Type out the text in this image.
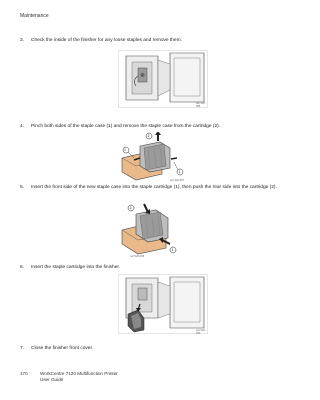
Maintenance
3. Check the inside of the finisher for any loose staples and remove them.
wc7120-066
4. Pinch both sides of the staple case (1) and remove the staple case from the cartridge (2).
1
2
1
wc7120-067
5. Insert the front side of the new staple case into the staple cartridge (1), then push the rear side into the cartridge (2).
2
1
wc7120-068
6. Insert the staple cartridge into the finisher.
wc7120-069
7. Close the finisher front cover.
170	WorkCentre 7120 Multifunction Printer
User Guide
